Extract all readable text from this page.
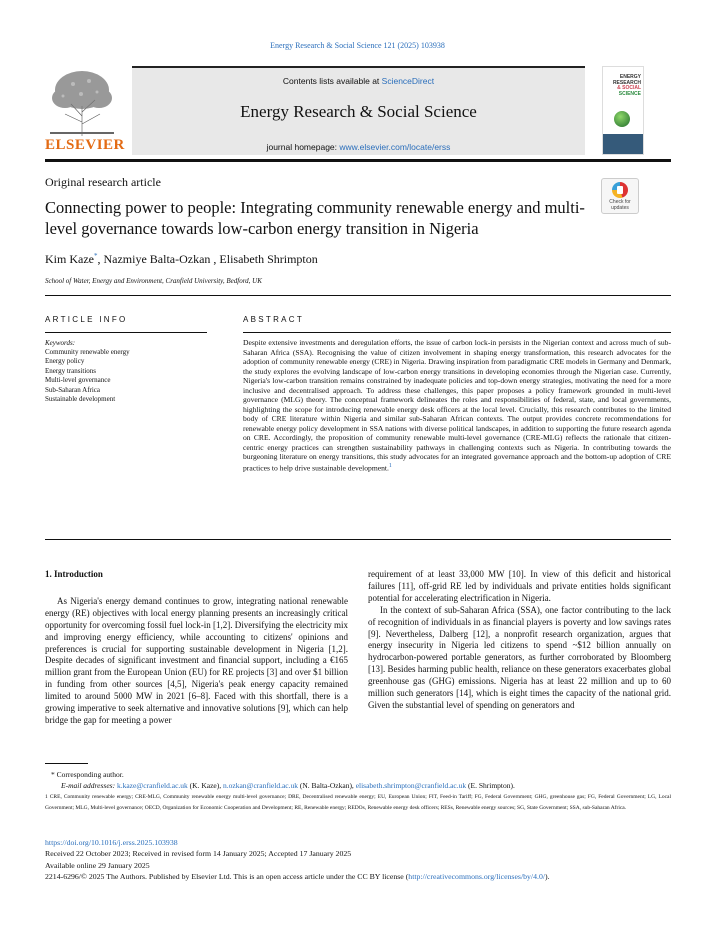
Energy Research & Social Science 121 (2025) 103938
ELSEVIER
Contents lists available at ScienceDirect
Energy Research & Social Science
journal homepage: www.elsevier.com/locate/erss
ENERGY
RESEARCH
& SOCIAL
SCIENCE
Original research article
Connecting power to people: Integrating community renewable energy and multi-level governance towards low-carbon energy transition in Nigeria
Check for updates
Kim Kaze*, Nazmiye Balta-Ozkan , Elisabeth Shrimpton
School of Water, Energy and Environment, Cranfield University, Bedford, UK
ARTICLE INFO
Keywords:
Community renewable energy
Energy policy
Energy transitions
Multi-level governance
Sub-Saharan Africa
Sustainable development
ABSTRACT

Despite extensive investments and deregulation efforts, the issue of carbon lock-in persists in the Nigerian context and across much of sub-Saharan Africa (SSA). Recognising the value of citizen involvement in shaping energy transformation, this research advocates for the adoption of community renewable energy (CRE) in Nigeria. Drawing inspiration from paradigmatic CRE models in Germany and Denmark, the study explores the evolving landscape of low-carbon energy transitions in developing economies through the Nigerian case. Currently, Nigeria's low-carbon transition remains constrained by inadequate policies and top-down energy strategies, motivating the need for a more inclusive and decentralised approach. To address these challenges, this paper proposes a policy framework grounded in multi-level governance (MLG) theory. The conceptual framework delineates the roles and responsibilities of federal, state, and local governments, highlighting the scope for introducing renewable energy desk officers at the local level. Crucially, this research contributes to the limited body of CRE literature within Nigeria and similar sub-Saharan African contexts. The output provides concrete recommendations for renewable energy policy development in SSA nations with diverse political landscapes, in addition to supporting the future research agenda on CRE. Accordingly, the proposition of community renewable multi-level governance (CRE-MLG) reflects the rationale that citizen-centric energy practices can strengthen sustainability pathways in challenging contexts such as Nigeria. In contributing towards the burgeoning literature on energy transitions, this study advocates for an integrated governance approach and the bottom-up adoption of CRE practices to help drive sustainable development.$^1$

1. Introduction

As Nigeria's energy demand continues to grow, integrating national renewable energy (RE) objectives with local energy planning presents an increasingly critical opportunity for overcoming fossil fuel lock-in [1,2]. Diversifying the electricity mix and improving energy efficiency, while accounting to citizens' opinions and preferences is crucial for supporting sustainable development in Nigeria [1,2]. Despite decades of significant investment and financial support, including a €165 million grant from the European Union (EU) for RE projects [3] and over $1 billion in funding from other sources [4,5], Nigeria's peak energy capacity remained limited to around 5000 MW in 2021 [6–8]. Faced with this shortfall, there is a growing imperative to seek alternative and innovative solutions [9], which can help bridge the gap for meeting a power

requirement of at least 33,000 MW [10]. In view of this deficit and historical failures [11], off-grid RE led by individuals and private entities holds significant potential for accelerating electrification in Nigeria.

In the context of sub-Saharan Africa (SSA), one factor contributing to the lack of recognition of individuals in as financial players is poverty and low savings rates [9]. Nevertheless, Dalberg [12], a nonprofit research organization, argues that energy insecurity in Nigeria led citizens to spend ~$12 billion annually on hydrocarbon-powered portable generators, as further corroborated by Bloomberg [13]. Besides harming public health, reliance on these generators exacerbates global greenhouse gas (GHG) emissions. Nigeria has at least 22 million and up to 60 million such generators [14], which is eight times the capacity of the national grid. Given the substantial level of spending on generators and

* Corresponding author.
E-mail addresses: k.kaze@cranfield.ac.uk (K. Kaze), n.ozkan@cranfield.ac.uk (N. Balta-Ozkan), elisabeth.shrimpton@cranfield.ac.uk (E. Shrimpton).
1 CRE, Community renewable energy; CRE-MLG, Community renewable energy multi-level governance; DRE, Decentralised renewable energy; EU, European Union; FIT, Feed-in Tariff; FG, Federal Government; GHG, greenhouse gas; FG, Federal Government; LG, Local Government; MLG, Multi-level governance; OECD, Organization for Economic Cooperation and Development; RE, Renewable energy; REDOs, Renewable energy desk officers; RESs, Renewable energy sources; SG, State Government; SSA, sub-Saharan Africa.
https://doi.org/10.1016/j.erss.2025.103938
Received 22 October 2023; Received in revised form 14 January 2025; Accepted 17 January 2025
Available online 29 January 2025
2214-6296/© 2025 The Authors. Published by Elsevier Ltd. This is an open access article under the CC BY license (http://creativecommons.org/licenses/by/4.0/).
